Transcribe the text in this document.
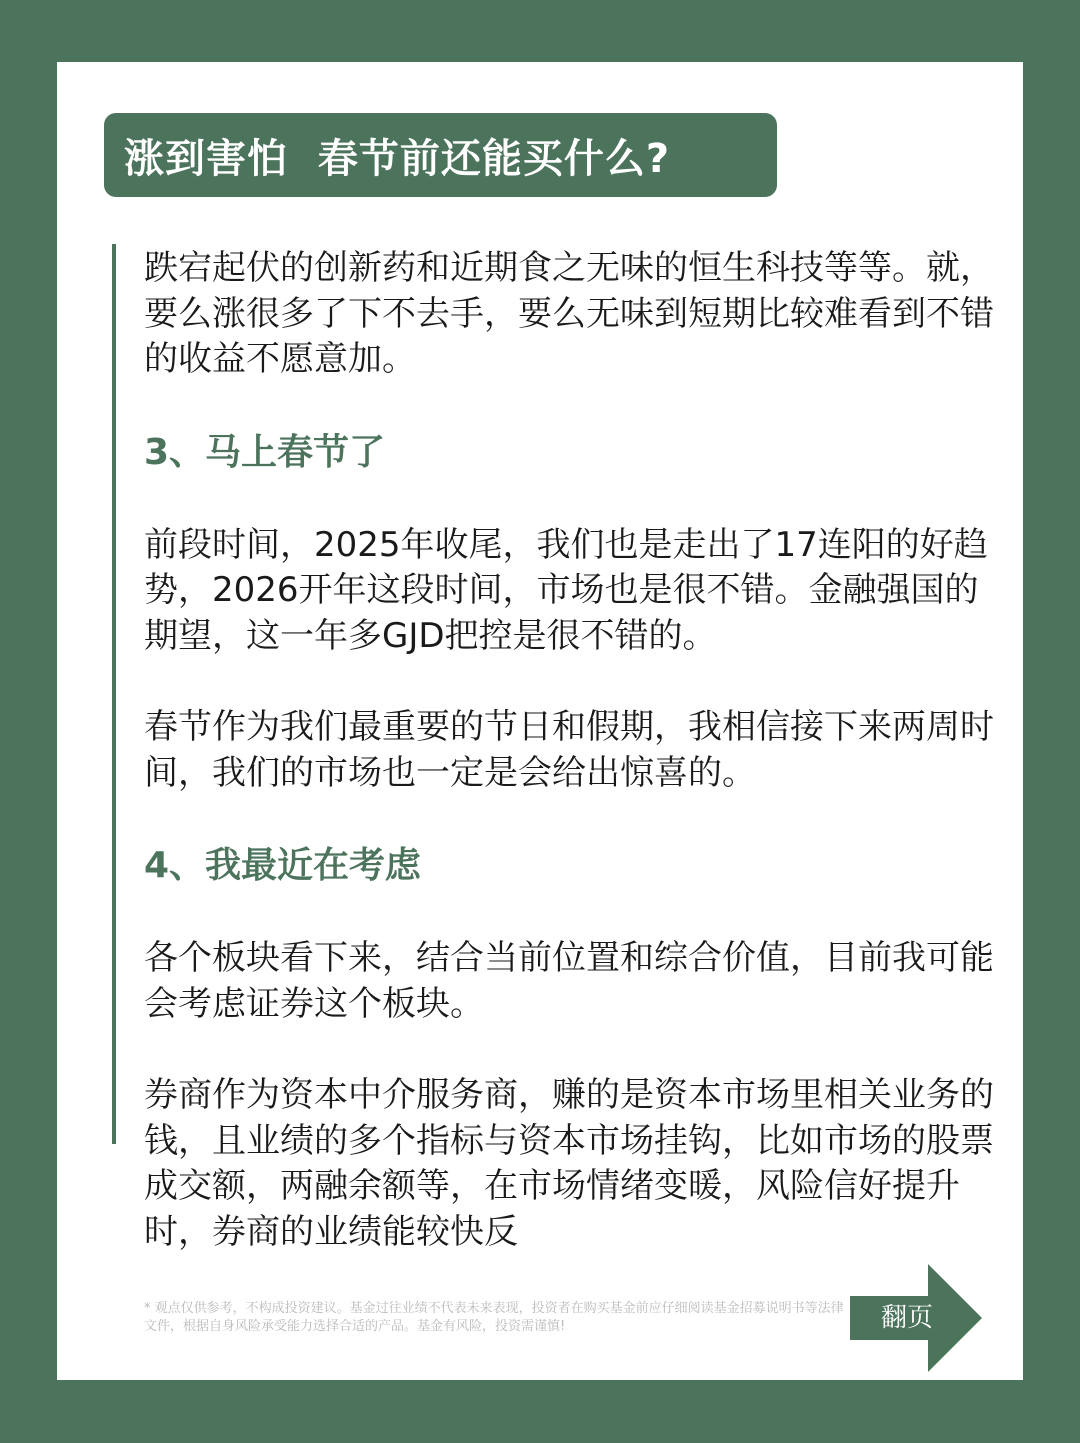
涨到害怕  春节前还能买什么?

跌宕起伏的创新药和近期食之无味的恒生科技等等。就，要么涨很多了下不去手，要么无味到短期比较难看到不错的收益不愿意加。

3、马上春节了

前段时间，2025年收尾，我们也是走出了17连阳的好趋势，2026开年这段时间，市场也是很不错。金融强国的期望，这一年多GJD把控是很不错的。

春节作为我们最重要的节日和假期，我相信接下来两周时间，我们的市场也一定是会给出惊喜的。

4、我最近在考虑

各个板块看下来，结合当前位置和综合价值，目前我可能会考虑证券这个板块。

券商作为资本中介服务商，赚的是资本市场里相关业务的钱，且业绩的多个指标与资本市场挂钩，比如市场的股票成交额，两融余额等，在市场情绪变暖，风险信好提升时，券商的业绩能较快反

* 观点仅供参考，不构成投资建议。基金过往业绩不代表未来表现，投资者在购买基金前应仔细阅读基金招募说明书等法律文件，根据自身风险承受能力选择合适的产品。基金有风险，投资需谨慎!	翻页
